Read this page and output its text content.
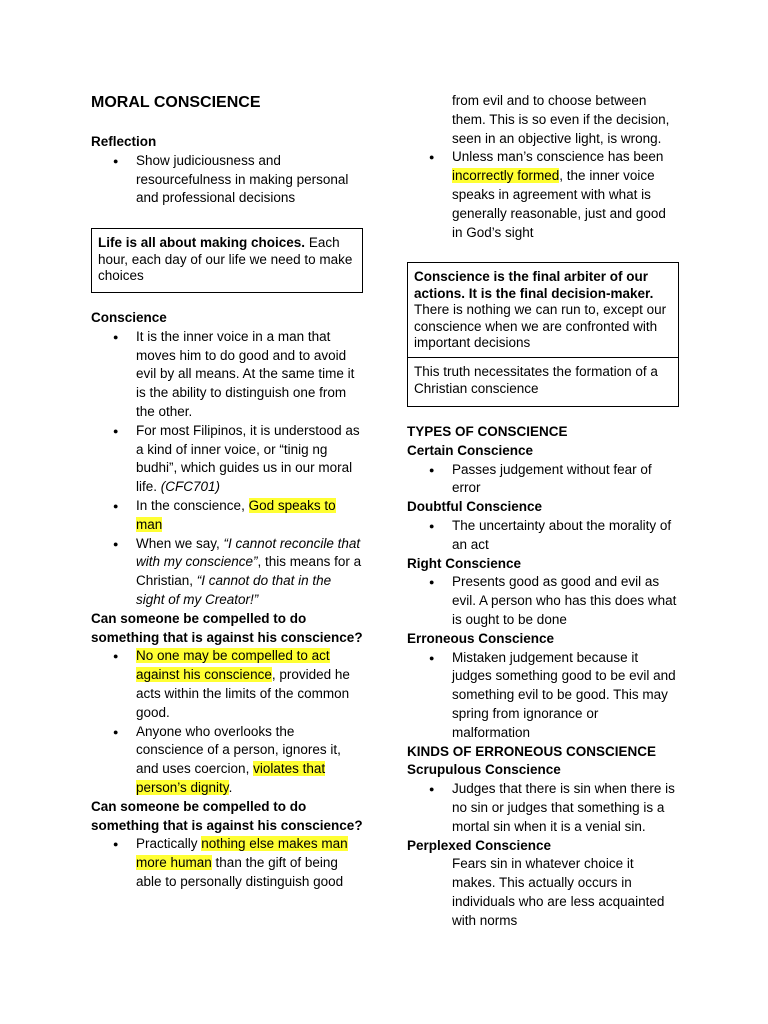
MORAL CONSCIENCE
Reflection
● Show judiciousness and resourcefulness in making personal and professional decisions
Life is all about making choices. Each hour, each day of our life we need to make choices
Conscience
● It is the inner voice in a man that moves him to do good and to avoid evil by all means. At the same time it is the ability to distinguish one from the other.
● For most Filipinos, it is understood as a kind of inner voice, or “tinig ng budhi”, which guides us in our moral life. (CFC701)
● In the conscience, God speaks to man
● When we say, “I cannot reconcile that with my conscience”, this means for a Christian, “I cannot do that in the sight of my Creator!”
Can someone be compelled to do something that is against his conscience?
● No one may be compelled to act against his conscience, provided he acts within the limits of the common good.
● Anyone who overlooks the conscience of a person, ignores it, and uses coercion, violates that person’s dignity.
Can someone be compelled to do something that is against his conscience?
● Practically nothing else makes man more human than the gift of being able to personally distinguish good
from evil and to choose between them. This is so even if the decision, seen in an objective light, is wrong.
● Unless man’s conscience has been incorrectly formed, the inner voice speaks in agreement with what is generally reasonable, just and good in God’s sight
Conscience is the final arbiter of our actions. It is the final decision-maker. There is nothing we can run to, except our conscience when we are confronted with important decisions
This truth necessitates the formation of a Christian conscience
TYPES OF CONSCIENCE
Certain Conscience
● Passes judgement without fear of error
Doubtful Conscience
● The uncertainty about the morality of an act
Right Conscience
● Presents good as good and evil as evil. A person who has this does what is ought to be done
Erroneous Conscience
● Mistaken judgement because it judges something good to be evil and something evil to be good. This may spring from ignorance or malformation
KINDS OF ERRONEOUS CONSCIENCE
Scrupulous Conscience
● Judges that there is sin when there is no sin or judges that something is a mortal sin when it is a venial sin.
Perplexed Conscience
Fears sin in whatever choice it makes. This actually occurs in individuals who are less acquainted with norms
